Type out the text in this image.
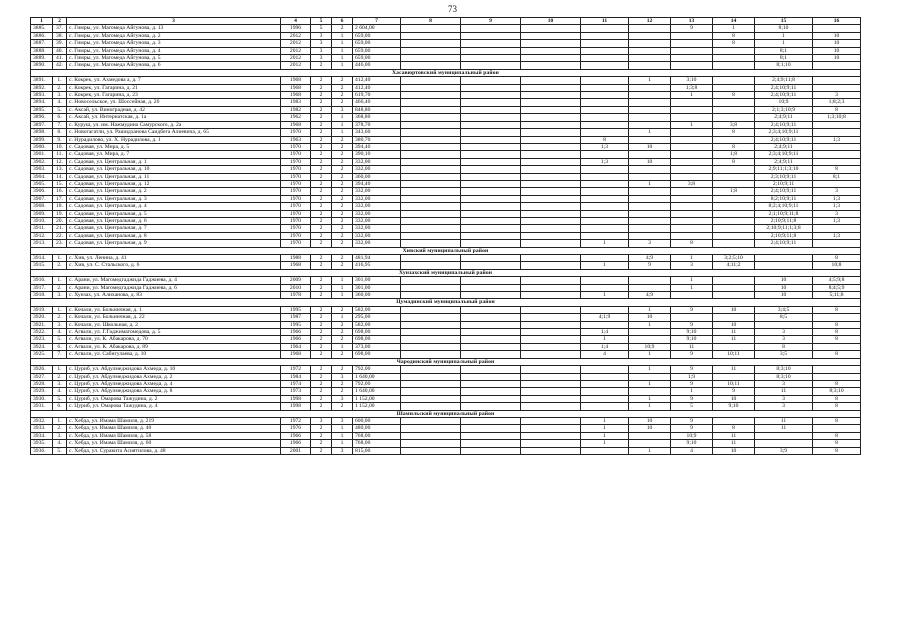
73
1	2	3	4	5	6	7	8	9	10	11	12	13	14	15	16
3885.	37.	с. Гимры, ул. Магомеда Айгунова, д. 13	1996	5	2	2 604,00						9	1	8;10	
3886.	38.	с. Гимры, ул. Магомеда Айгунова, д. 2	2012	3	1	659,00							8	1	10
3887.	39.	с. Гимры, ул. Магомеда Айгунова, д. 3	2012	3	1	659,00							8	1	10
3888.	40.	с. Гимры, ул. Магомеда Айгунова, д. 4	2012	3	1	659,00								8;1	10
3889.	41.	с. Гимры, ул. Магомеда Айгунова, д. 5	2012	3	1	659,00								8;1	10
3890.	42.	с. Гимры, ул. Магомеда Айгунова, д. 6	2012	2	1	446,00								8;1;10	
Хасавюртовский муниципальный район															
3891.	1.	с. Кокрек, ул. Ахмедова а, д. 7	1968	2	2	412,40					1	3;10		2;4;9;11;8	
3892.	2.	с. Кокрек, ул. Гагарина, д. 21	1968	2	2	412,40						1;3;8		2;4;10;9;11	
3893.	3.	с. Кокрек, ул. Гагарина, д. 23	1968	2	2	619,70						1	8	2;4;10;9;11	3
3894.	4.	с. Новосельское, ул. Шоссейная, д. 26	1983	2	2	466,40								10;9	1;8;2;3
3895.	5.	с. Аксай, ул. Виноградная, д. 42	1982	2	3	848,80								2;1;3;10;9	8
3896.	6.	с. Аксай, ул. Интернатская, д. 1а	1962	2	1	368,80								2;4;9;11	1;3;10;8
3897.	7.	с. Куруш, ул. им. Нажмудина Самурского, д. 2а	1968	2	1	378,70						1	3;8	2;4;10;9;11	
3898.	8.	с. Новогагатли, ул. Рашидханова Саидбега Алиевича, д. 65	1970	2	1	343,60					1		8	2;3;4;10;9;11	
3899.	9.	с. Нурадилово, ул. Х. Нурадилова, д. 1	1963	2	2	380,70				8				2;4;10;9;11	1;3
3900.	10.	с. Садовая, ул. Мира, д. 5	1970	2	2	394,40				1;3	10		8	2;4;9;11	
3901.	11.	с. Садовая, ул. Мира, д. 7	1970	2	2	390,10							1;8	2;3;4;10;9;11	
3902.	12.	с. Садовая, ул. Центральная, д. 1	1970	2	2	332,00				1;3	10		8	2;4;9;11	
3903.	13.	с. Садовая, ул. Центральная, д. 10	1970	2	2	332,00								2;9;11;1;3;10	8
3904.	14.	с. Садовая, ул. Центральная, д. 11	1970	2	2	360,00								2;3;10;9;11	8;1
3905.	15.	с. Садовая, ул. Центральная, д. 12	1970	2	2	394,40					1	3;8		2;10;9;11	
3906.	16.	с. Садовая, ул. Центральная, д. 2	1970	2	2	332,00							1;8	2;4;10;9;11	3
3907.	17.	с. Садовая, ул. Центральная, д. 3	1970	2	2	332,00								8;2;10;9;11	1;3
3908.	18.	с. Садовая, ул. Центральная, д. 4	1970	2	2	332,00								8;2;4;10;9;11	1;3
3909.	19.	с. Садовая, ул. Центральная, д. 5	1970	2	2	332,00								2;1;10;9;11;8	3
3910.	20.	с. Садовая, ул. Центральная, д. 6	1970	2	2	332,00								2;10;9;11;8	1;3
3911.	21.	с. Садовая, ул. Центральная, д. 7	1970	2	2	332,00								2;10;9;11;1;3;8	
3912.	22.	с. Садовая, ул. Центральная, д. 8	1970	2	2	332,00								2;10;9;11;8	1;3
3913.	23.	с. Садовая, ул. Центральная, д. 9	1970	2	2	332,00				1	3	8		2;4;10;9;11	
Хивский муниципальный район															
3914.	1.	с. Хив, ул. Ленина, д. 41	1988	2	2	481,94					4;9	1	3;2;5;10		8
3915.	2.	с. Хив, ул. С. Стальского, д. 6	1968	2	2	416,95				1	9	3	4;11;2		10;8
Хунзахский муниципальный район															
3916.	1.	с. Арани, ул. Магомедгаджида Гаджиева, д. 4	2009	2	1	301,00						1		10	4;5;9;8
3917.	2.	с. Арани, ул. Магомедгаджида Гаджиева, д. 6	2010	2	1	301,00						1		10	8;4;5;9
3918.	3.	с. Хунзах, ул. Алиханова, д. 83	1978	2	1	360,00				1	4;9			10	5;11;8
Цумадинский муниципальный район															
3919.	1.	с. Кочали, ул. Больничная, д. 1	1995	2	2	582,00					1	9	10	3;4;5	8
3920.	2.	с. Кочали, ул. Больничная, д. 22	1987	2	1	295,00				4;1;9	10			8;5	
3921.	3.	с. Кочали, ул. Школьная, д. 2	1995	2	2	582,00					1	9	10		8
3922.	4.	с. Агвали, ул. Г.Гаджимагомедова, д. 5	1966	2	2	698,00				1;4		9;10	11	3	8
3923.	5.	с. Агвали, ул. К. Абакарова, д. 70	1966	2	2	698,00				1		9;10	11	3	8
3924.	6.	с. Агвали, ул. К. Абакарова, д. 89	1964	2	1	373,00				1;4	10;9	11		8	
3925.	7.	с. Агвали, ул. Сабигулаева, д. 10	1968	2	2	698,00				4	1	9	10;11	3;5	8
Чародинский муниципальный район															
3926.	1.	с. Цуриб, ул. Абдулмеджидова Ахмеда, д. 10	1972	2	2	792,00					1	9	11	8;3;10	
3927.	2.	с. Цуриб, ул. Абдулмеджидова Ахмеда, д. 2	1984	2	3	1 640,00						1;9		8;3;10	
3928.	3.	с. Цуриб, ул. Абдулмеджидова Ахмеда, д. 4	1974	2	2	792,00					1	9	10;11	3	8
3929.	4.	с. Цуриб, ул. Абдулмеджидова Ахмеда, д. 8	1973	2	2	1 640,00						1	9	11	8;3;10
3930.	5.	с. Цуриб, ул. Омарова Тажудина, д. 2	1998	2	3	1 152,00					1	9	10	3	8
3931.	6.	с. Цуриб, ул. Омарова Тажудина, д. 4	1998	2	2	1 152,00					1	5	9;10	3	8
Шамильский муниципальный район															
3932.	1.	с. Хебда, ул. Имама Шамиля, д. 219	1972	3	3	600,00				1	10	9		11	8
3933.	2.	с. Хебда, ул. Имама Шамиля, д. 40	1976	2	1	480,00				1	10	9	8	11	
3934.	3.	с. Хебда, ул. Имама Шамиля, д. 58	1966	2	1	768,00				1		10;9	11		8
3935.	4.	с. Хебда, ул. Имама Шамиля, д. 60	1966	2	1	768,00				1		9;10	11		8
3936.	5.	с. Хебда, ул. Суракита Асиятилова, д. 48	2001	2	3	815,00					1	4	10	3;9	8
